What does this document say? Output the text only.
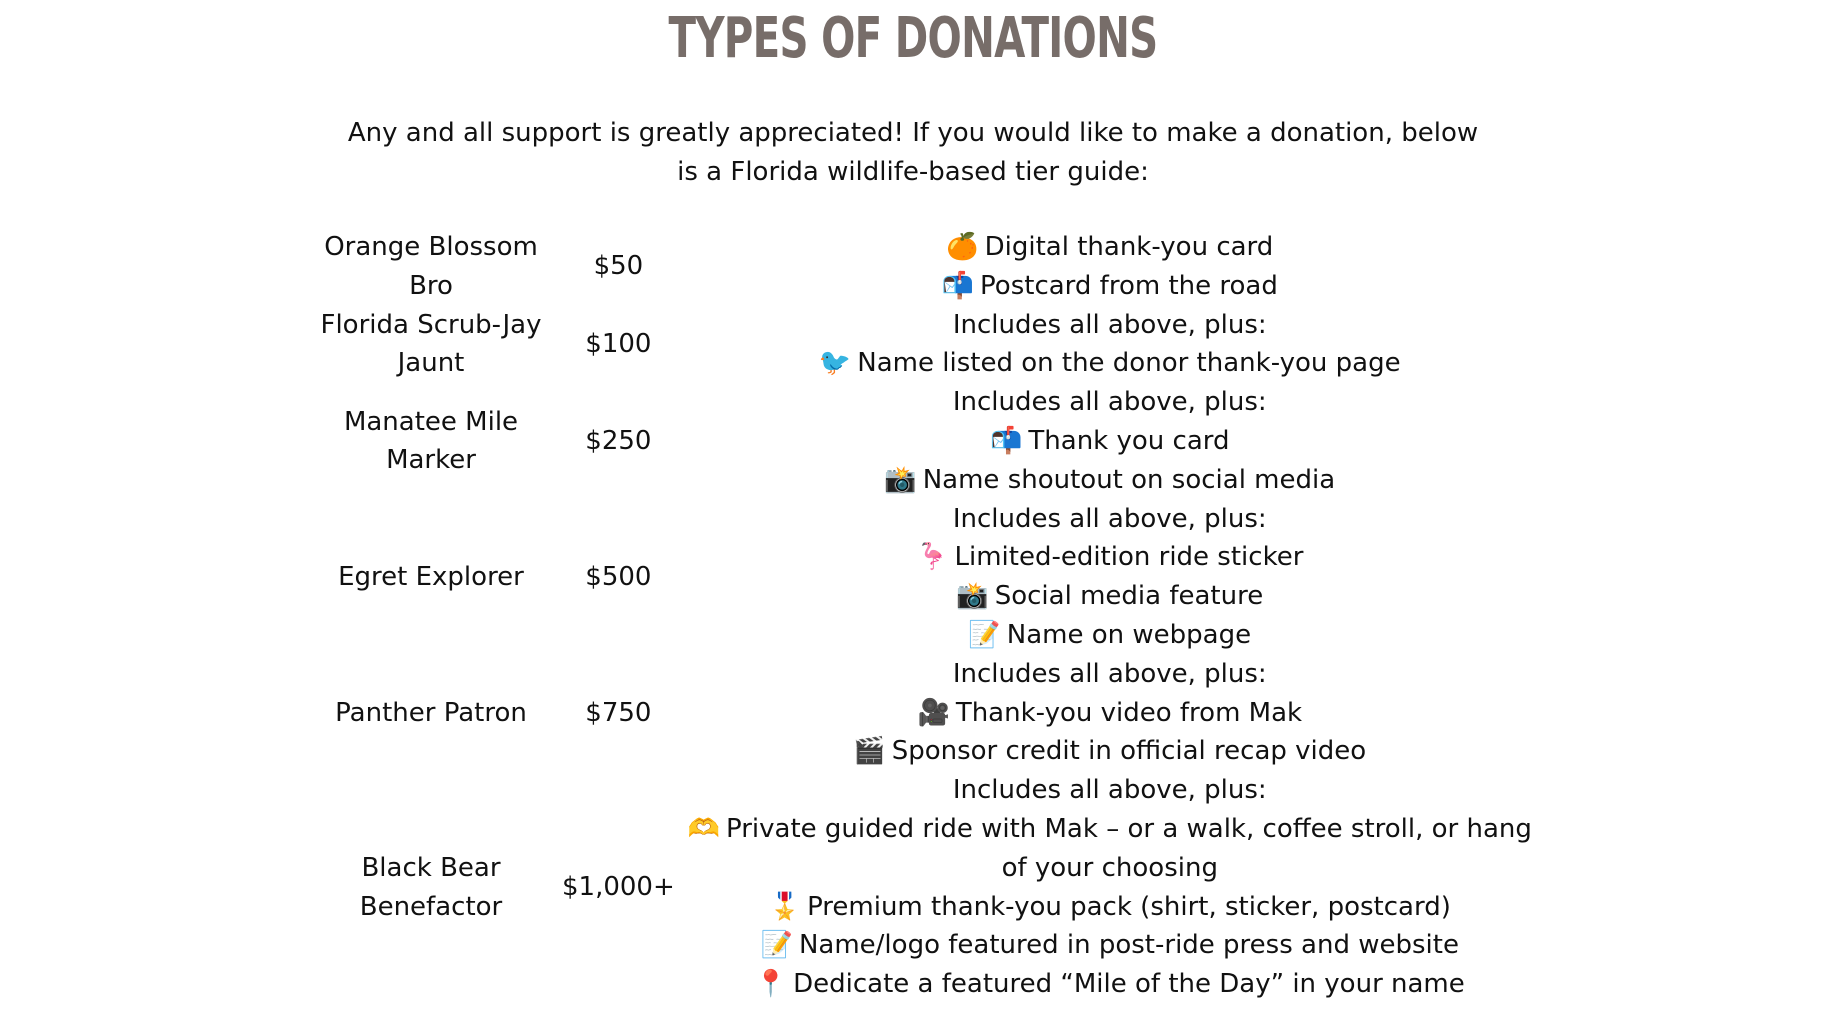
TYPES OF DONATIONS
Any and all support is greatly appreciated! If you would like to make a donation, below is a Florida wildlife-based tier guide:
Orange Blossom Bro	$50	🍊 Digital thank-you card
📬 Postcard from the road

Florida Scrub-Jay Jaunt	$100	Includes all above, plus:
🐦 Name listed on the donor thank-you page

Manatee Mile Marker	$250	Includes all above, plus:
📬 Thank you card
📸 Name shoutout on social media

Egret Explorer	$500	Includes all above, plus:
🦩 Limited-edition ride sticker
📸 Social media feature
📝 Name on webpage

Panther Patron	$750	Includes all above, plus:
🎥 Thank-you video from Mak
🎬 Sponsor credit in official recap video

Black Bear Benefactor	$1,000+	Includes all above, plus:
🫶 Private guided ride with Mak – or a walk, coffee stroll, or hang of your choosing
🎖️ Premium thank-you pack (shirt, sticker, postcard)
📝 Name/logo featured in post-ride press and website
📍 Dedicate a featured “Mile of the Day” in your name
